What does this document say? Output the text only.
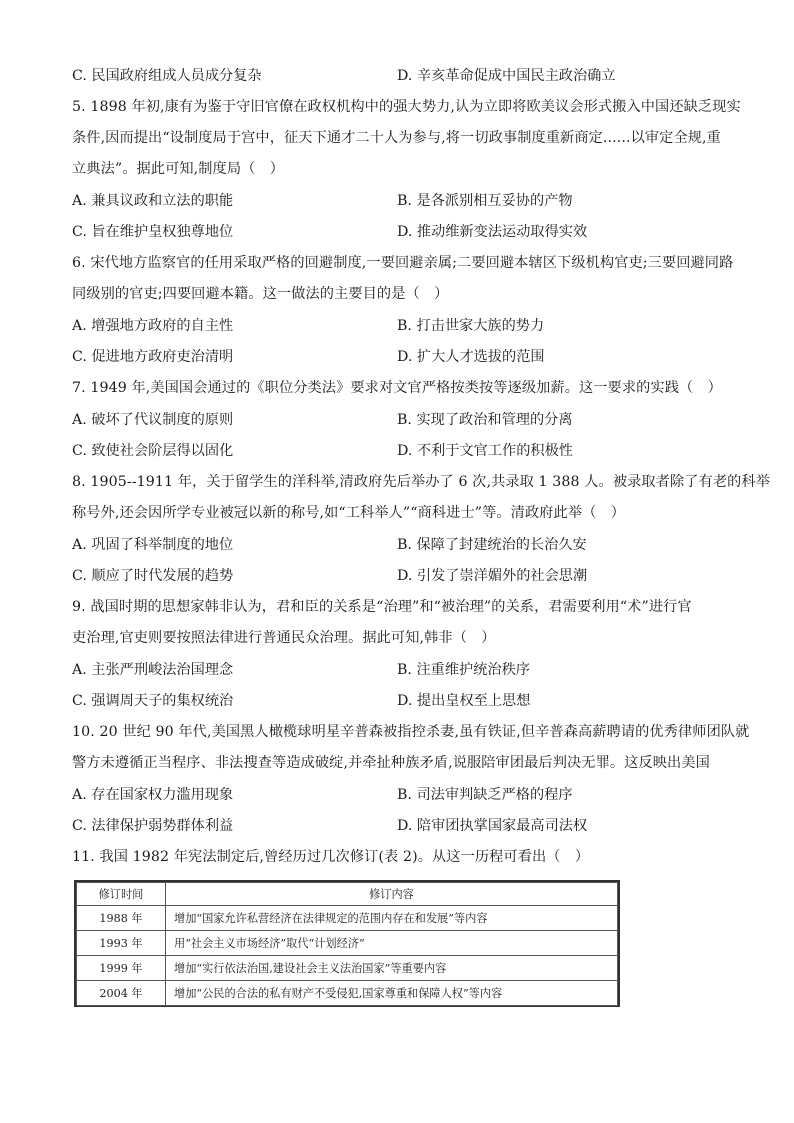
C. 民国政府组成人员成分复杂	D. 辛亥革命促成中国民主政治确立
5. 1898 年初,康有为鉴于守旧官僚在政权机构中的强大势力,认为立即将欧美议会形式搬入中国还缺乏现实
条件,因而提出“设制度局于宫中，征天下通才二十人为参与,将一切政事制度重新商定......以审定全规,重
立典法”。据此可知,制度局（　）
A. 兼具议政和立法的职能	B. 是各派别相互妥协的产物
C. 旨在维护皇权独尊地位	D. 推动维新变法运动取得实效
6. 宋代地方监察官的任用采取严格的回避制度,一要回避亲属;二要回避本辖区下级机构官吏;三要回避同路
同级别的官吏;四要回避本籍。这一做法的主要目的是（　）
A. 增强地方政府的自主性	B. 打击世家大族的势力
C. 促进地方政府吏治清明	D. 扩大人才选拔的范围
7. 1949 年,美国国会通过的《职位分类法》要求对文官严格按类按等逐级加薪。这一要求的实践（　）
A. 破坏了代议制度的原则	B. 实现了政治和管理的分离
C. 致使社会阶层得以固化	D. 不利于文官工作的积极性
8. 1905--1911 年，关于留学生的洋科举,清政府先后举办了 6 次,共录取 1 388 人。被录取者除了有老的科举
称号外,还会因所学专业被冠以新的称号,如“工科举人”“商科进士”等。清政府此举（　）
A. 巩固了科举制度的地位	B. 保障了封建统治的长治久安
C. 顺应了时代发展的趋势	D. 引发了崇洋媚外的社会思潮
9. 战国时期的思想家韩非认为，君和臣的关系是“治理”和“被治理”的关系，君需要利用“术”进行官
吏治理,官吏则要按照法律进行普通民众治理。据此可知,韩非（　）
A. 主张严刑峻法治国理念	B. 注重维护统治秩序
C. 强调周天子的集权统治	D. 提出皇权至上思想
10. 20 世纪 90 年代,美国黑人橄榄球明星辛普森被指控杀妻,虽有铁证,但辛普森高薪聘请的优秀律师团队就
警方未遵循正当程序、非法搜查等造成破绽,并牵扯种族矛盾,说服陪审团最后判决无罪。这反映出美国
A. 存在国家权力滥用现象	B. 司法审判缺乏严格的程序
C. 法律保护弱势群体利益	D. 陪审团执掌国家最高司法权
11. 我国 1982 年宪法制定后,曾经历过几次修订(表 2)。从这一历程可看出（　）
修订时间	修订内容
1988 年	增加“国家允许私营经济在法律规定的范围内存在和发展”等内容
1993 年	用“社会主义市场经济”取代“计划经济”
1999 年	增加“实行依法治国,建设社会主义法治国家”等重要内容
2004 年	增加“公民的合法的私有财产不受侵犯,国家尊重和保障人权”等内容
